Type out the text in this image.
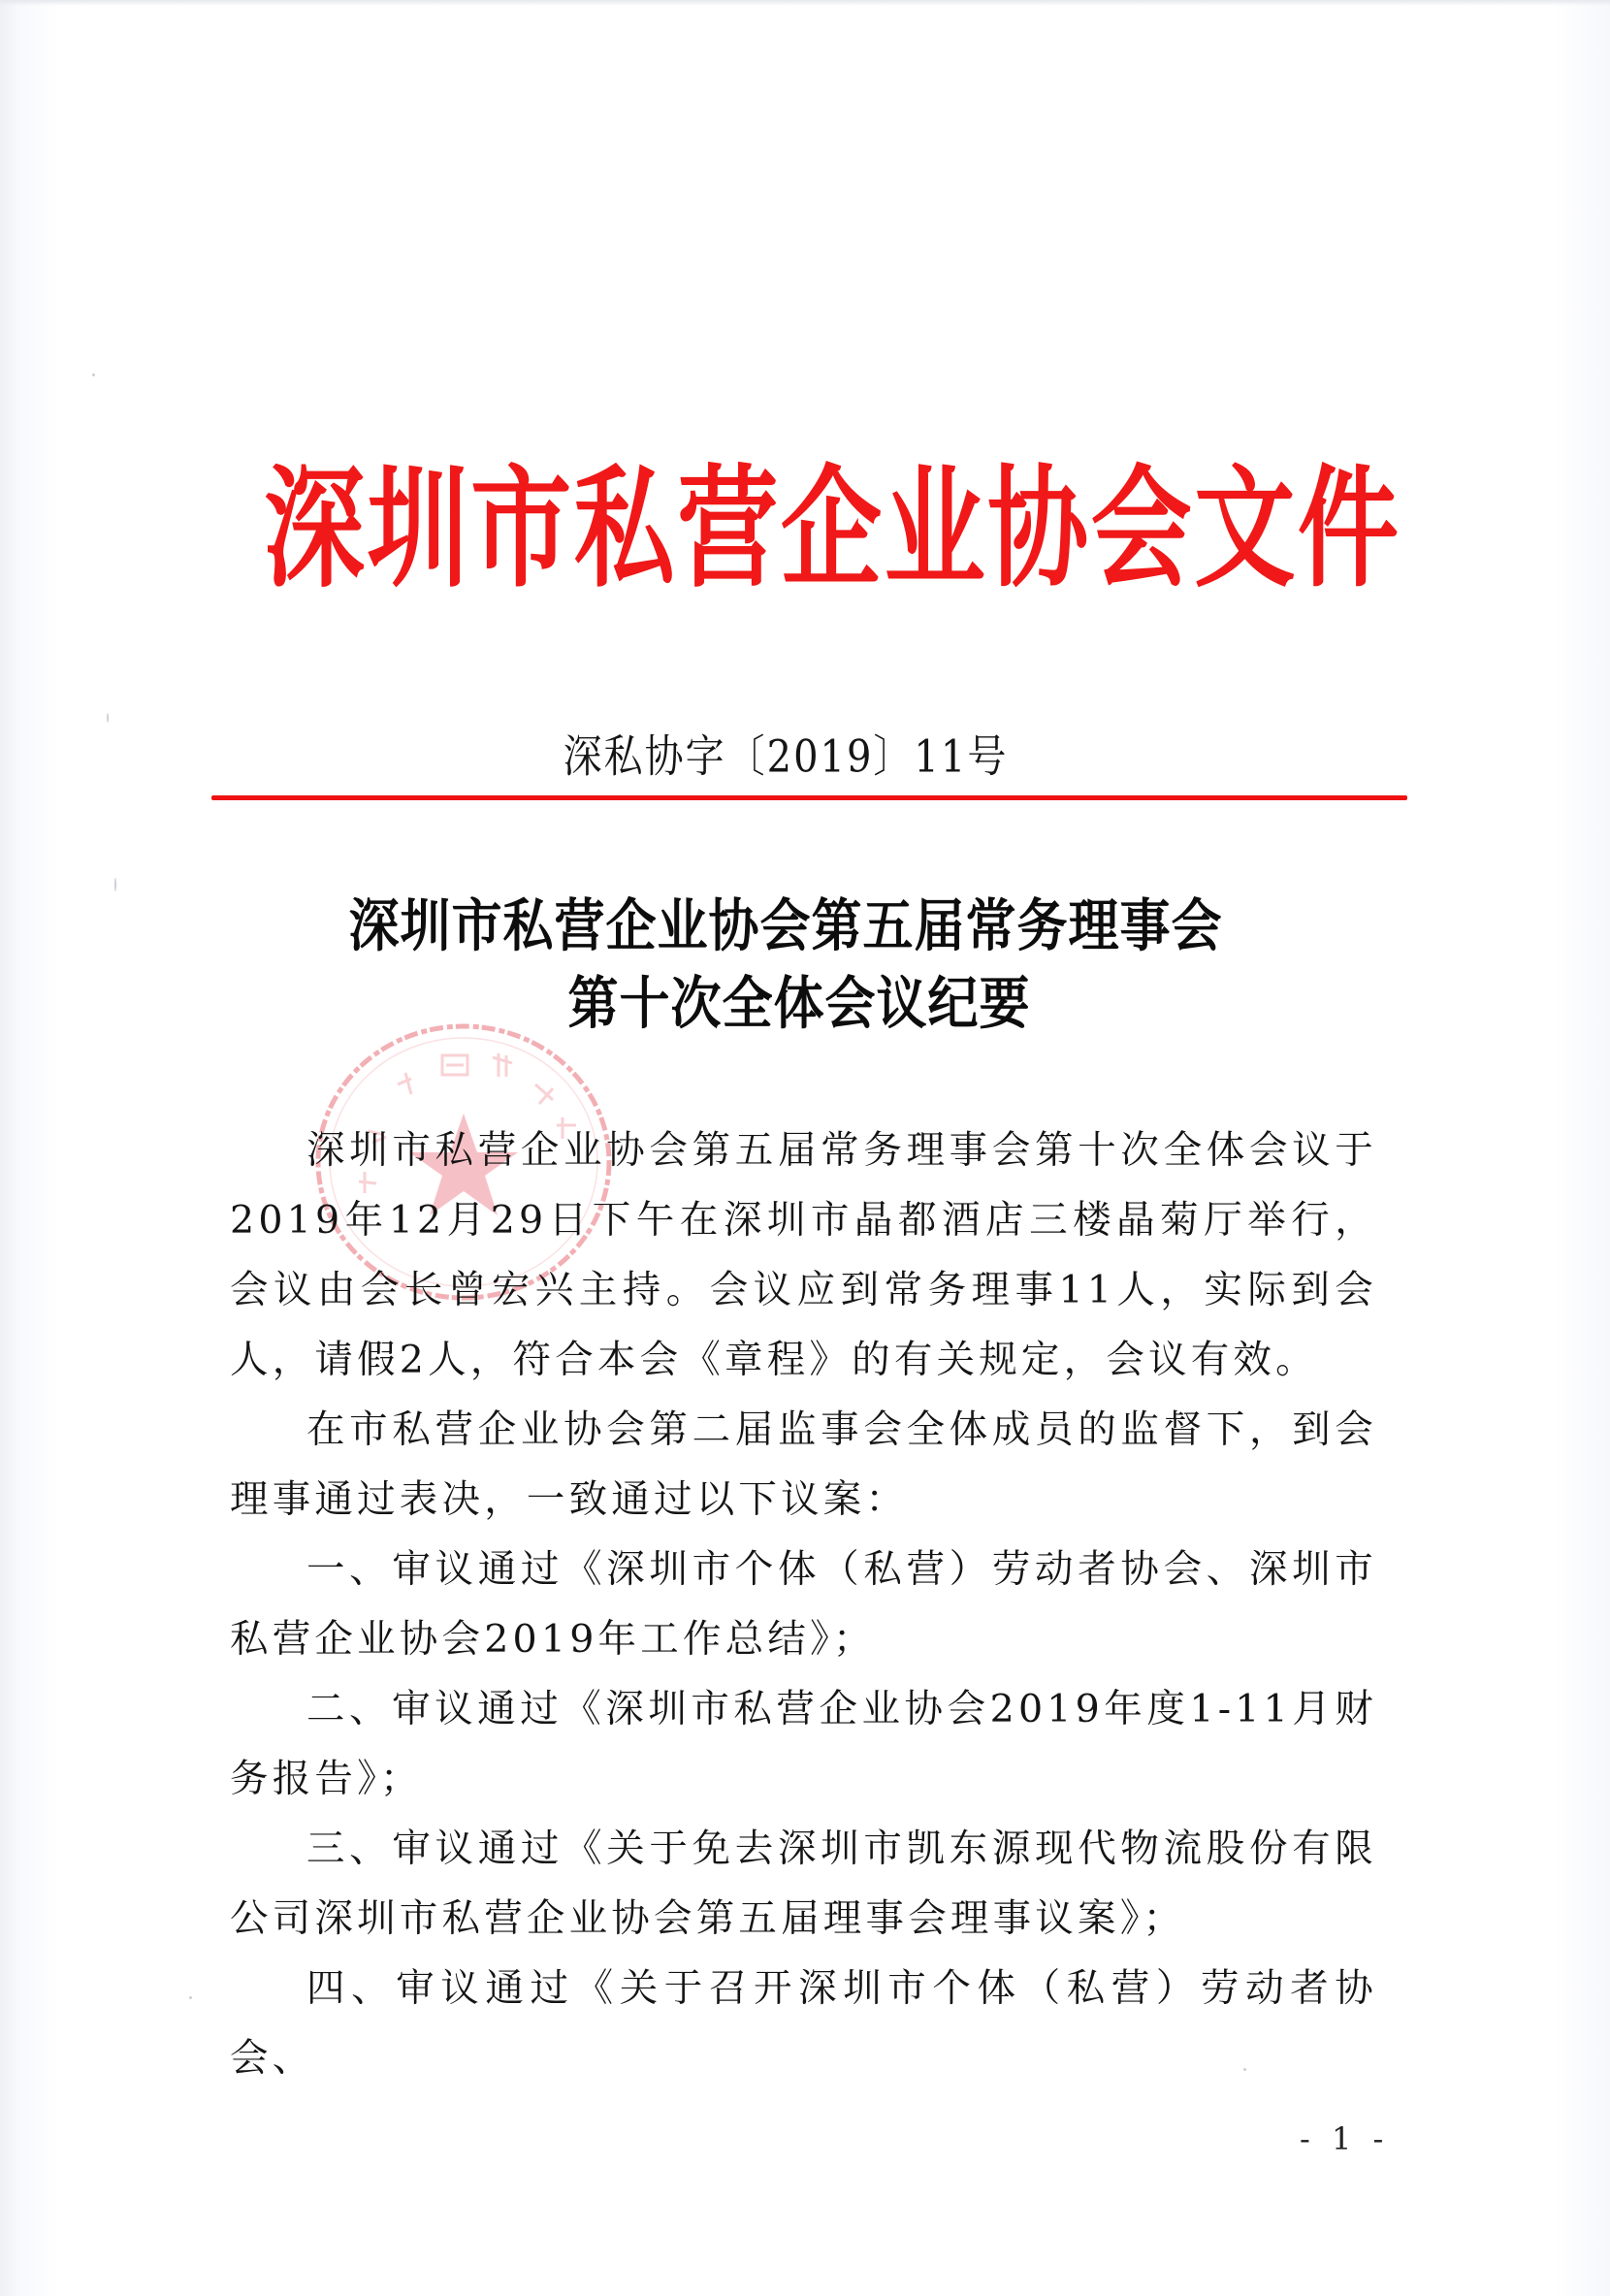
深 圳 市 私 营 企 业 协 会 文 件
深私协字〔2019〕11号
深圳市私营企业协会第五届常务理事会
第十次全体会议纪要

深圳市私营企业协会第五届常务理事会第十次全体会议于2019年12月29日下午在深圳市晶都酒店三楼晶菊厅举行，会议由会长曾宏兴主持。会议应到常务理事11人，实际到会人，请假2人，符合本会《章程》的有关规定，会议有效。

在市私营企业协会第二届监事会全体成员的监督下，到会理事通过表决，一致通过以下议案：

一、审议通过《深圳市个体（私营）劳动者协会、深圳市私营企业协会2019年工作总结》；

二、审议通过《深圳市私营企业协会2019年度1-11月财务报告》；

三、审议通过《关于免去深圳市凯东源现代物流股份有限公司深圳市私营企业协会第五届理事会理事议案》；

四、审议通过《关于召开深圳市个体（私营）劳动者协会、

- 1 -
